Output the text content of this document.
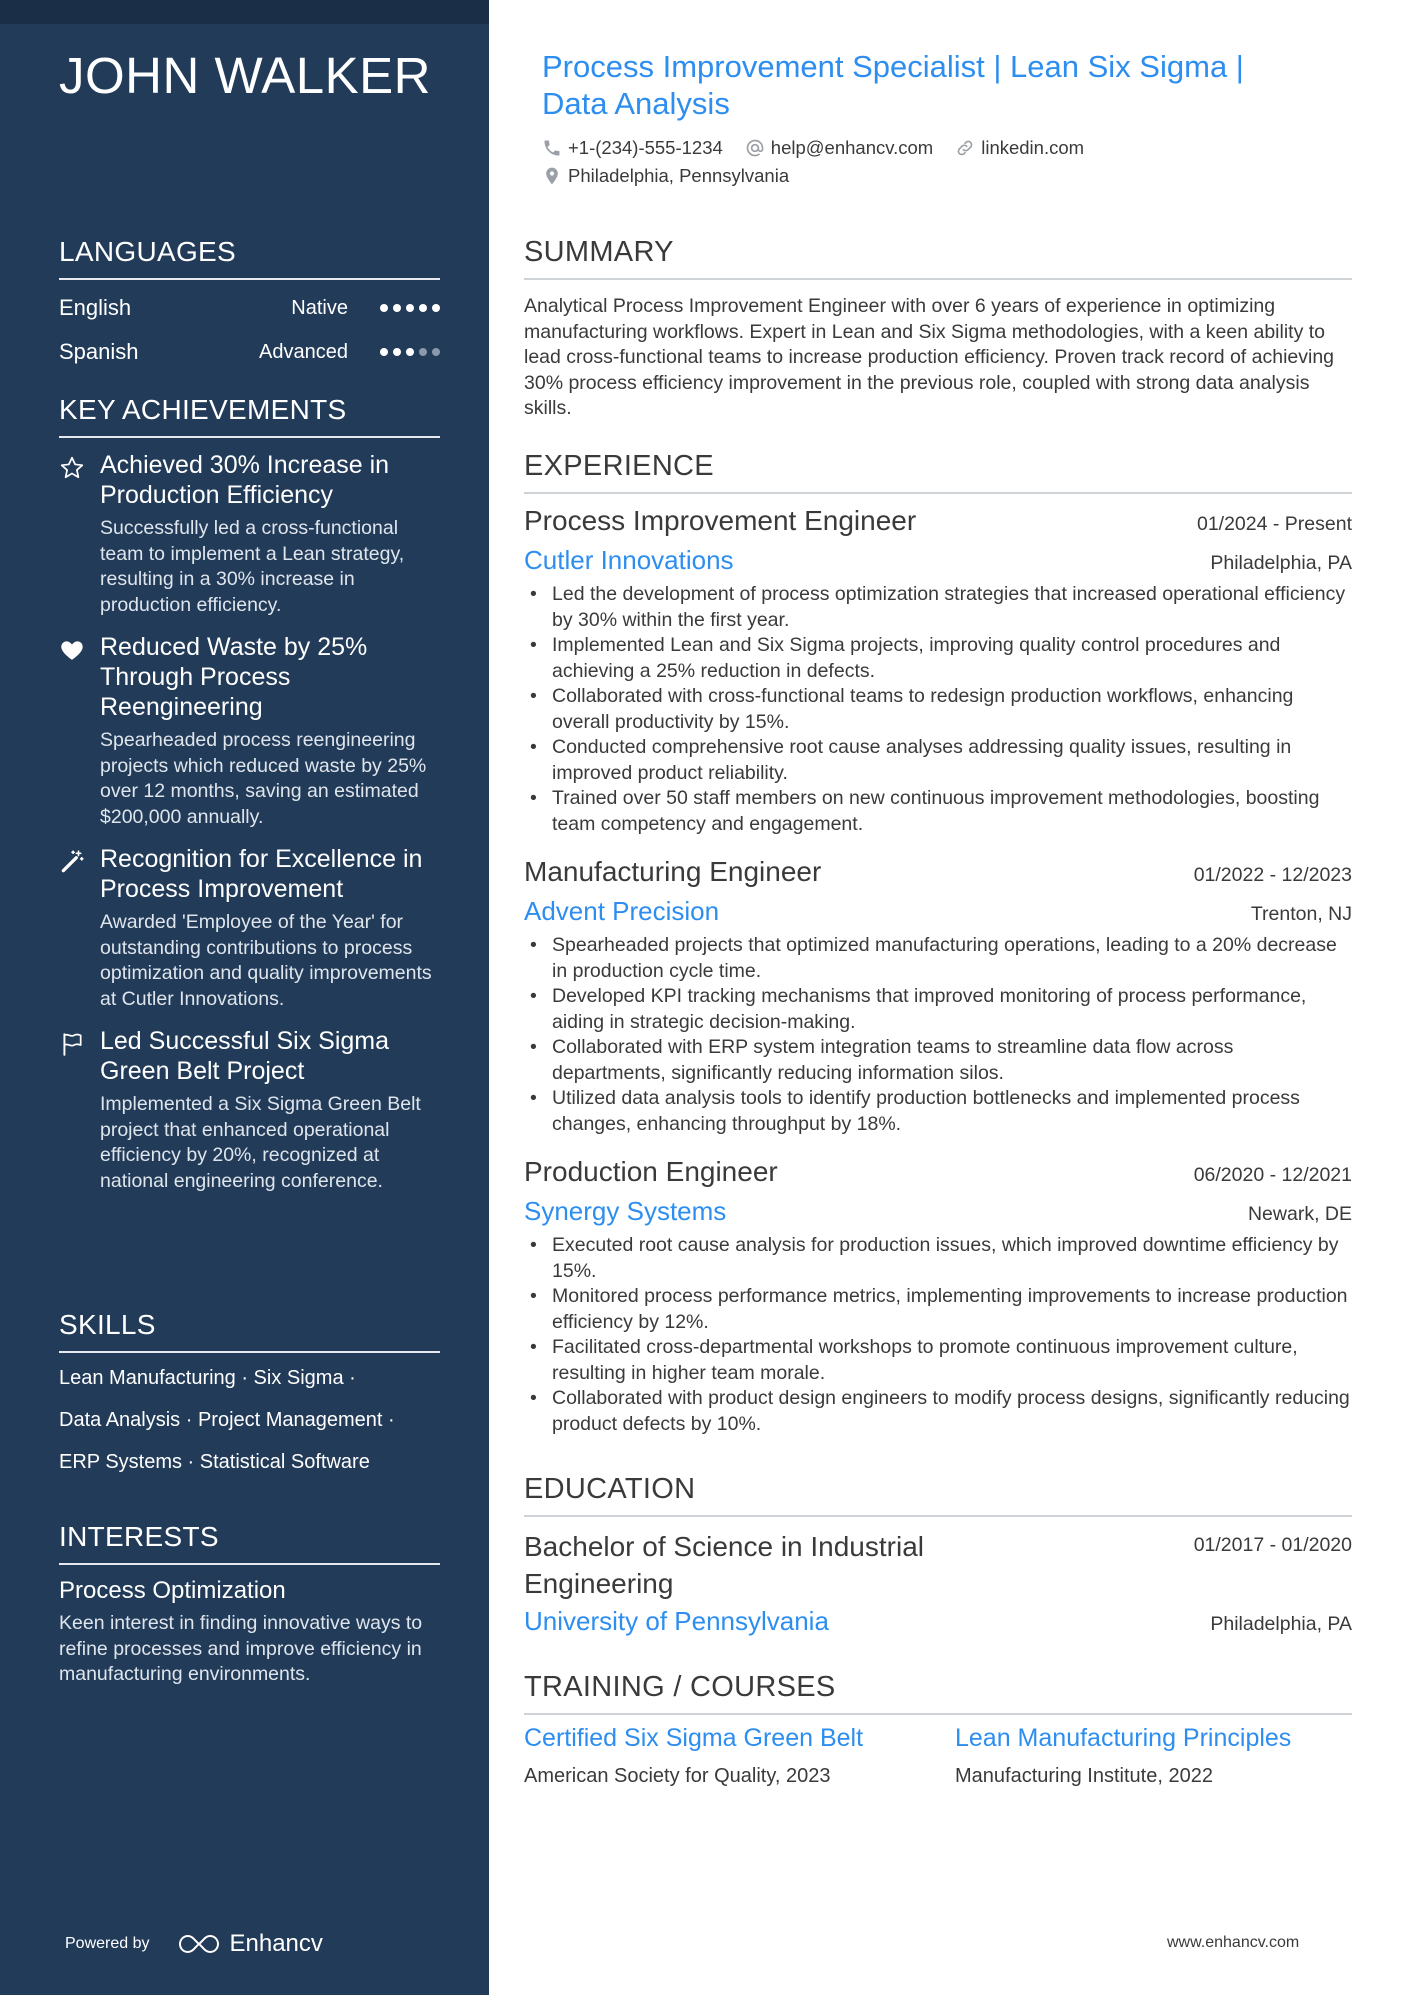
JOHN WALKER
LANGUAGES
English	Native
Spanish	Advanced
KEY ACHIEVEMENTS
Achieved 30% Increase in Production Efficiency
Successfully led a cross-functional team to implement a Lean strategy, resulting in a 30% increase in production efficiency.
Reduced Waste by 25% Through Process Reengineering
Spearheaded process reengineering projects which reduced waste by 25% over 12 months, saving an estimated $200,000 annually.
Recognition for Excellence in Process Improvement
Awarded 'Employee of the Year' for outstanding contributions to process optimization and quality improvements at Cutler Innovations.
Led Successful Six Sigma Green Belt Project
Implemented a Six Sigma Green Belt project that enhanced operational efficiency by 20%, recognized at national engineering conference.
SKILLS
Lean Manufacturing · Six Sigma ·
Data Analysis · Project Management ·
ERP Systems · Statistical Software
INTERESTS
Process Optimization
Keen interest in finding innovative ways to refine processes and improve efficiency in manufacturing environments.
Powered by	Enhancv
Process Improvement Specialist | Lean Six Sigma | Data Analysis
+1-(234)-555-1234	help@enhancv.com	linkedin.com
Philadelphia, Pennsylvania
SUMMARY
Analytical Process Improvement Engineer with over 6 years of experience in optimizing manufacturing workflows. Expert in Lean and Six Sigma methodologies, with a keen ability to lead cross-functional teams to increase production efficiency. Proven track record of achieving 30% process efficiency improvement in the previous role, coupled with strong data analysis skills.
EXPERIENCE
Process Improvement Engineer	01/2024 - Present
Cutler Innovations	Philadelphia, PA
• Led the development of process optimization strategies that increased operational efficiency by 30% within the first year.
• Implemented Lean and Six Sigma projects, improving quality control procedures and achieving a 25% reduction in defects.
• Collaborated with cross-functional teams to redesign production workflows, enhancing overall productivity by 15%.
• Conducted comprehensive root cause analyses addressing quality issues, resulting in improved product reliability.
• Trained over 50 staff members on new continuous improvement methodologies, boosting team competency and engagement.
Manufacturing Engineer	01/2022 - 12/2023
Advent Precision	Trenton, NJ
• Spearheaded projects that optimized manufacturing operations, leading to a 20% decrease in production cycle time.
• Developed KPI tracking mechanisms that improved monitoring of process performance, aiding in strategic decision-making.
• Collaborated with ERP system integration teams to streamline data flow across departments, significantly reducing information silos.
• Utilized data analysis tools to identify production bottlenecks and implemented process changes, enhancing throughput by 18%.
Production Engineer	06/2020 - 12/2021
Synergy Systems	Newark, DE
• Executed root cause analysis for production issues, which improved downtime efficiency by 15%.
• Monitored process performance metrics, implementing improvements to increase production efficiency by 12%.
• Facilitated cross-departmental workshops to promote continuous improvement culture, resulting in higher team morale.
• Collaborated with product design engineers to modify process designs, significantly reducing product defects by 10%.
EDUCATION
Bachelor of Science in Industrial Engineering
01/2017 - 01/2020
University of Pennsylvania	Philadelphia, PA
TRAINING / COURSES
Certified Six Sigma Green Belt
American Society for Quality, 2023
Lean Manufacturing Principles
Manufacturing Institute, 2022
www.enhancv.com
